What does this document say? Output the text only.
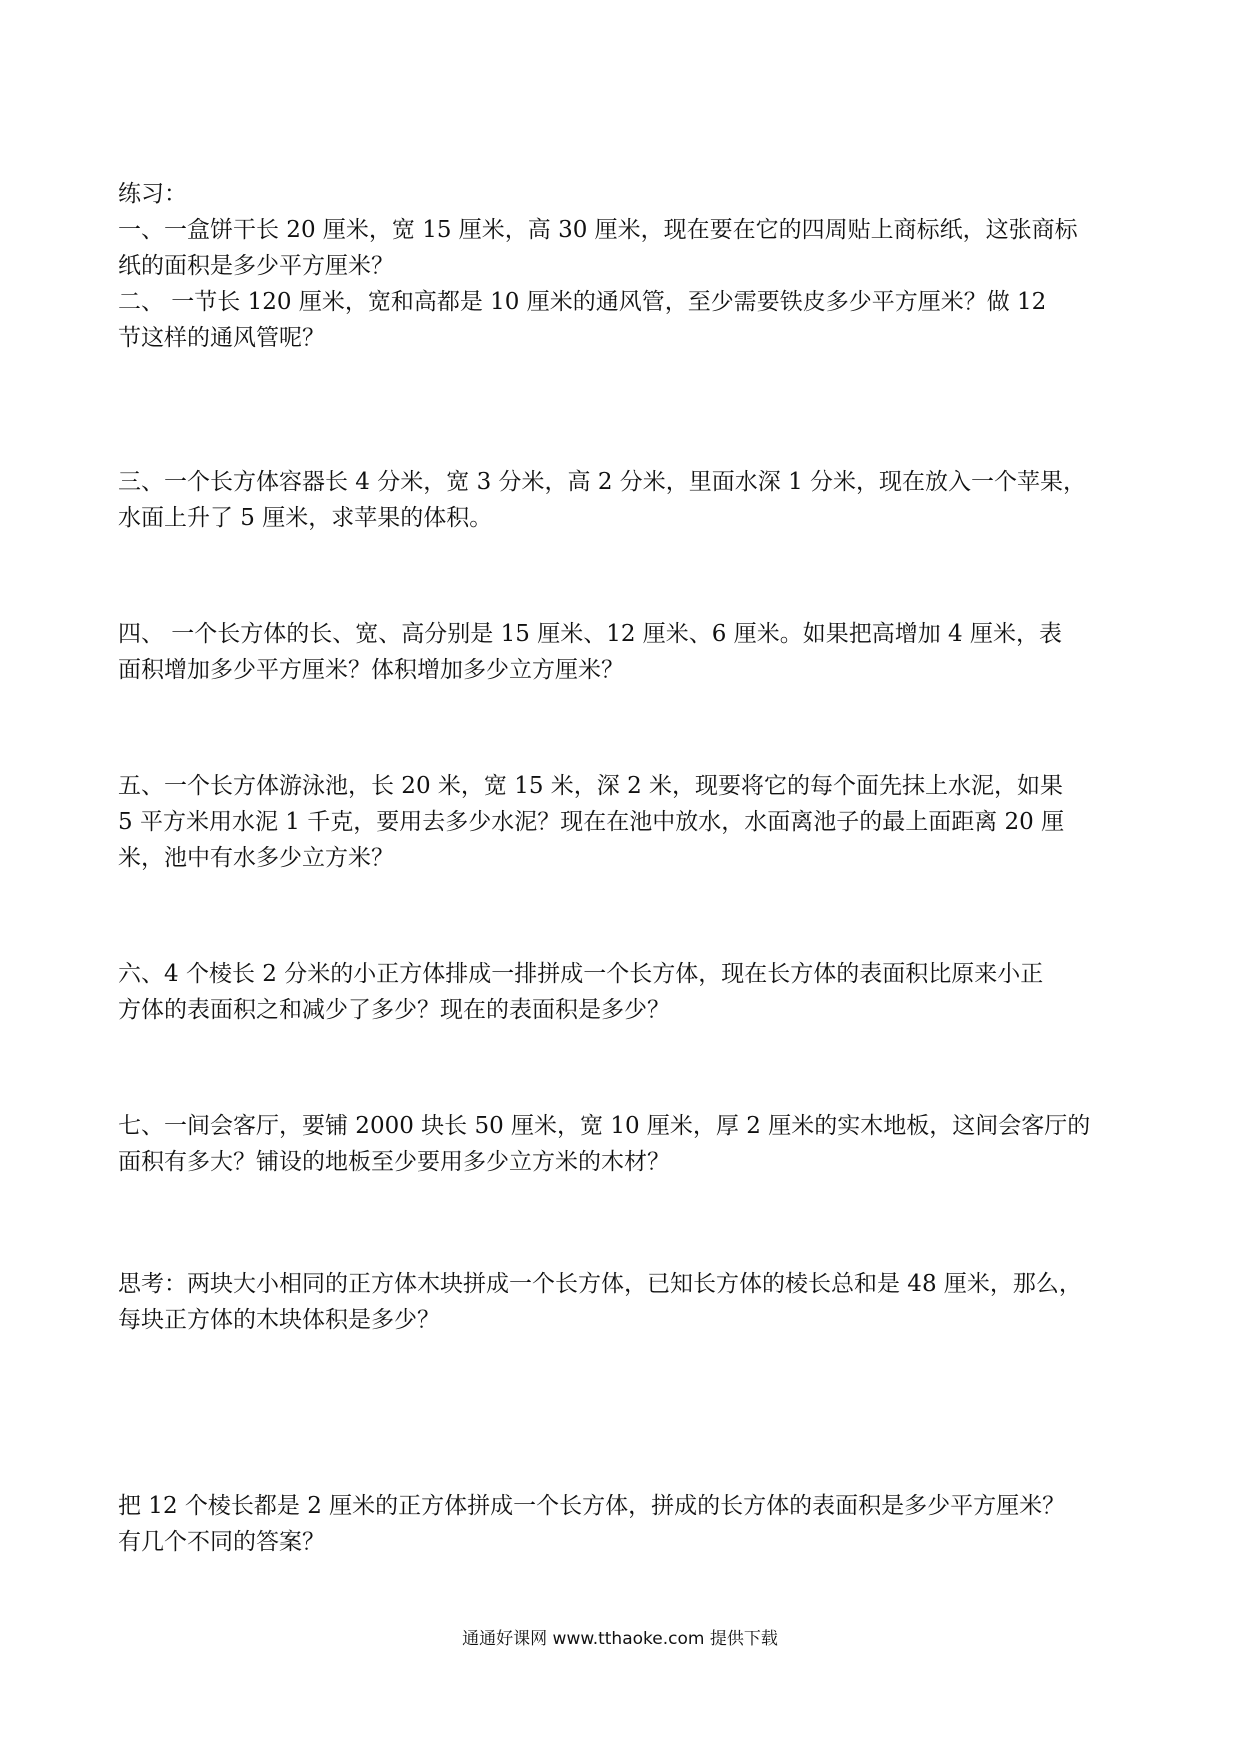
练习：

一、一盒饼干长 20 厘米，宽 15 厘米，高 30 厘米，现在要在它的四周贴上商标纸，这张商标

纸的面积是多少平方厘米？

二、 一节长 120 厘米，宽和高都是 10 厘米的通风管，至少需要铁皮多少平方厘米？做 12

节这样的通风管呢？

三、一个长方体容器长 4 分米，宽 3 分米，高 2 分米，里面水深 1 分米，现在放入一个苹果，

水面上升了 5 厘米，求苹果的体积。

四、 一个长方体的长、宽、高分别是 15 厘米、12 厘米、6 厘米。如果把高增加 4 厘米，表

面积增加多少平方厘米？体积增加多少立方厘米？

五、一个长方体游泳池，长 20 米，宽 15 米，深 2 米，现要将它的每个面先抹上水泥，如果

5 平方米用水泥 1 千克，要用去多少水泥？现在在池中放水，水面离池子的最上面距离 20 厘

米，池中有水多少立方米？

六、4 个棱长 2 分米的小正方体排成一排拼成一个长方体，现在长方体的表面积比原来小正

方体的表面积之和减少了多少？现在的表面积是多少？

七、一间会客厅，要铺 2000 块长 50 厘米，宽 10 厘米，厚 2 厘米的实木地板，这间会客厅的

面积有多大？铺设的地板至少要用多少立方米的木材？

思考：两块大小相同的正方体木块拼成一个长方体，已知长方体的棱长总和是 48 厘米，那么，

每块正方体的木块体积是多少？

把 12 个棱长都是 2 厘米的正方体拼成一个长方体，拼成的长方体的表面积是多少平方厘米？

有几个不同的答案？

通通好课网 www.tthaoke.com 提供下载
